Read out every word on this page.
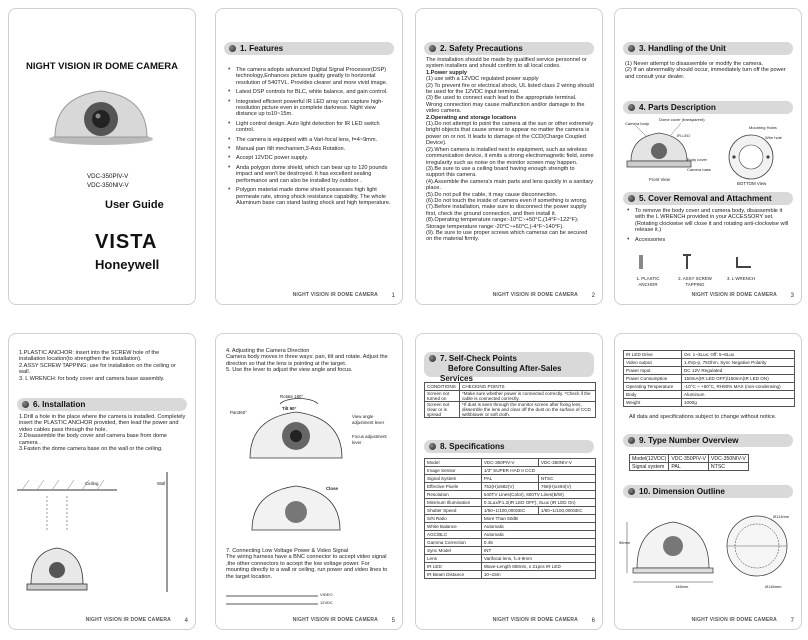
NIGHT VISION IR DOME CAMERA
VDC-350PIV-V
VDC-350NIV-V
User Guide
VISTA
Honeywell
1. Features
• The camera adopts advanced Digital Signal Processor(DSP) technology,Enhances picture quality greatly to horizontal resolution of 540TVL. Provides clearer and more vivid image.
• Latest DSP controls for BLC, white balance, and gain control.
• Integrated efficient powerful IR LED array can capture high-resolution picture even in complete darkness. Night view distance up to10~15m.
• Light control design. Auto light detection for IR LED switch control.
• The camera is equipped with a Vari-focal lens, f=4~9mm.
• Manual pan /tilt mechanism,3-Axis Rotation.
• Accept 12VDC power supply.
• Anda polygon dome shield, which can bear up to 120 pounds impact and won't be destroyed. It has excellent sealing performance and can also be installed by outdoor .
• Polygon material made dome shield possesses high light permeate rate, strong shock resistance capability. The whole Aluminum base can stand lasting shock and high temperature.
NIGHT VISION IR DOME CAMERA 1
2. Safety Precautions
The installation should be made by qualified service personnel or system installers and should confirm to all local codes.
1.Power supply
(1) use with a 12VDC regulated power supply
(2) To prevent fire or electrical shock, UL listed class 2 wiring should be used for the 12VDC input terminal.
(3) Be used to connect each lead to the appropriate terminal. Wrong connection may cause malfunction and/or damage to the video camera.
2.Operating and storage locations
(1).Do not attempt to point the camera at the sun or other extremely bright objects that cause smear to appear no matter the camera is power on or not. It leads to damage of the CCD(Charge Coupled Device).
(2).When camera is installed next to equipment, such as wireless communication device, it emits a strong electromagnetic field, some irregularity such as noise on the monitor screen may happen.
(3).Be sure to use a ceiling board having enough strength to support this camera.
(4).Assemble the camera's main parts and lens quickly in a sanitary place.
(5).Do not pull the cable, it may cause disconnection.
(6).Do not touch the inside of camera even if something is wrong.
(7).Before installation, make sure to disconnect the power supply first, check the ground connection, and then install it.
(8).Operating temperature range:-10°C~+50°C,(14°F~122°F); Storage temperature range:-20°C~+60°C,(-4°F~140°F).
(9). Be sure to use proper screws which cameras can be secured on the material firmly.
NIGHT VISION IR DOME CAMERA 2
3. Handling of the Unit
(1) Never attempt to disassemble or modify the camera.
(2) If an abnormality should occur, immediately turn off the power and consult your dealer.
4. Parts Description
Camera body
Dome cover (transparent)
IR-LED
Mounting Holes
Wire hole
Body cover
Camera base
Front View
BOTTOM View
5. Cover Removal and Attachment
• To remove the body cover and camera body, disassemble it with the L WRENCH provided in your ACCESSORY set. (Rotating clockwise will close it and rotating anti-clockwise will release it.)
• Accessories
1. PLASTIC ANCHOR
2. ASSY SCREW TAPPING
3. L WRENCH
NIGHT VISION IR DOME CAMERA 3
1.PLASTIC ANCHOR: insert into the SCREW hole of the installation location(to strengthen the installation).
2.ASSY SCREW TAPPING: use for installation on the ceiling or wall.
3. L WRENCH: for body cover and camera base assembly.
6. Installation
1.Drill a hole in the place where the camera is installed. Completely insert the PLASTIC ANCHOR provided, then lead the power and video cables pass through the hole.
2.Disassemble the body cover and camera base from dome camera .
3.Fasten the dome camera base on the wall or the ceiling.
Ceiling	Wall
NIGHT VISION IR DOME CAMERA 4
4. Adjusting the Camera Direction
Camera body moves in three ways: pan, tilt and rotate. Adjust the direction so that the lens is pointing at the target.
5. Use the lever to adjust the view angle and focus.
Rotate 180°
Tilt 90°
Pan360°
View angle adjustment lever
Focus adjustment lever
Close
7. Connecting Low Voltage Power & Video Signal
The wiring harness have a BNC connector to accept video signal ,the other connectors to accept the low voltage power. For mounting directly to a wall or ceiling, run power and video lines to the target location.
VIDEO
12VDC
NIGHT VISION IR DOME CAMERA 5
7. Self-Check Points
Before Consulting After-Sales Services
CONDITIONS	CHECKING POINTS
Screen not turned on	*Make sure whether power is connected correctly. *Check if the cable is connected correctly.
Screen not clear or is spread	*If dust is seen through the monitor screen after fixing lens, dissemble the lens and clear off the dust on the surface of CCD withblower or soft cloth.
8. Specifications
Model	VDC-350PIV-V	VDC-350NIV-V
Image Sensor	1/3" SUPER HAD II CCD	
Signal System	PAL	NTSC
Effective Pixels	752(H)x582(V)	768(H)x494(V)
Resolution	540TV Lines(Color), 600TV Lines(B/W)	
Minimum Illumination	0.1Lux/F1.2(IR LED OFF), 0Lux (IR LED On)	
Shutter Speed	1/50~1/100,000SEC	1/60~1/100,000SEC
S/N Ratio	More Than 50dB	
White Balance	Automatic	
AGC/BLC	Automatic	
Gamma Correction	0.45	
Sync Model	INT	
Lens	Varifocal lens, f=4-9mm	
IR LED	Wave-Length 850nm, x 21pcs IR LED	
IR Beam Distance	10~15m	
NIGHT VISION IR DOME CAMERA 6
IR LED Drive	On: 1~3Lux; Off: 5~6Lux
Video output	1.0Vp-p, 75Ohm, Sync Negative Polarity
Power Input	DC 12V Regulated
Power Consumption	150mA(IR LED OFF)/150mA(IR LED ON)
Operating Temperature	-10°C ~ +50°C, RH90% MAX (non-condensing)
Body	Aluminum
Weight	1000g
All data and specifications subject to change without notice.
9. Type Number Overview
Model(12VDC)	VDC-350PIV-V	VDC-350NIV-V
Signal system	PAL	NTSC
10. Dimension Outline
146mm	Ø146mm
Ø113mm
96mm
NIGHT VISION IR DOME CAMERA 7
